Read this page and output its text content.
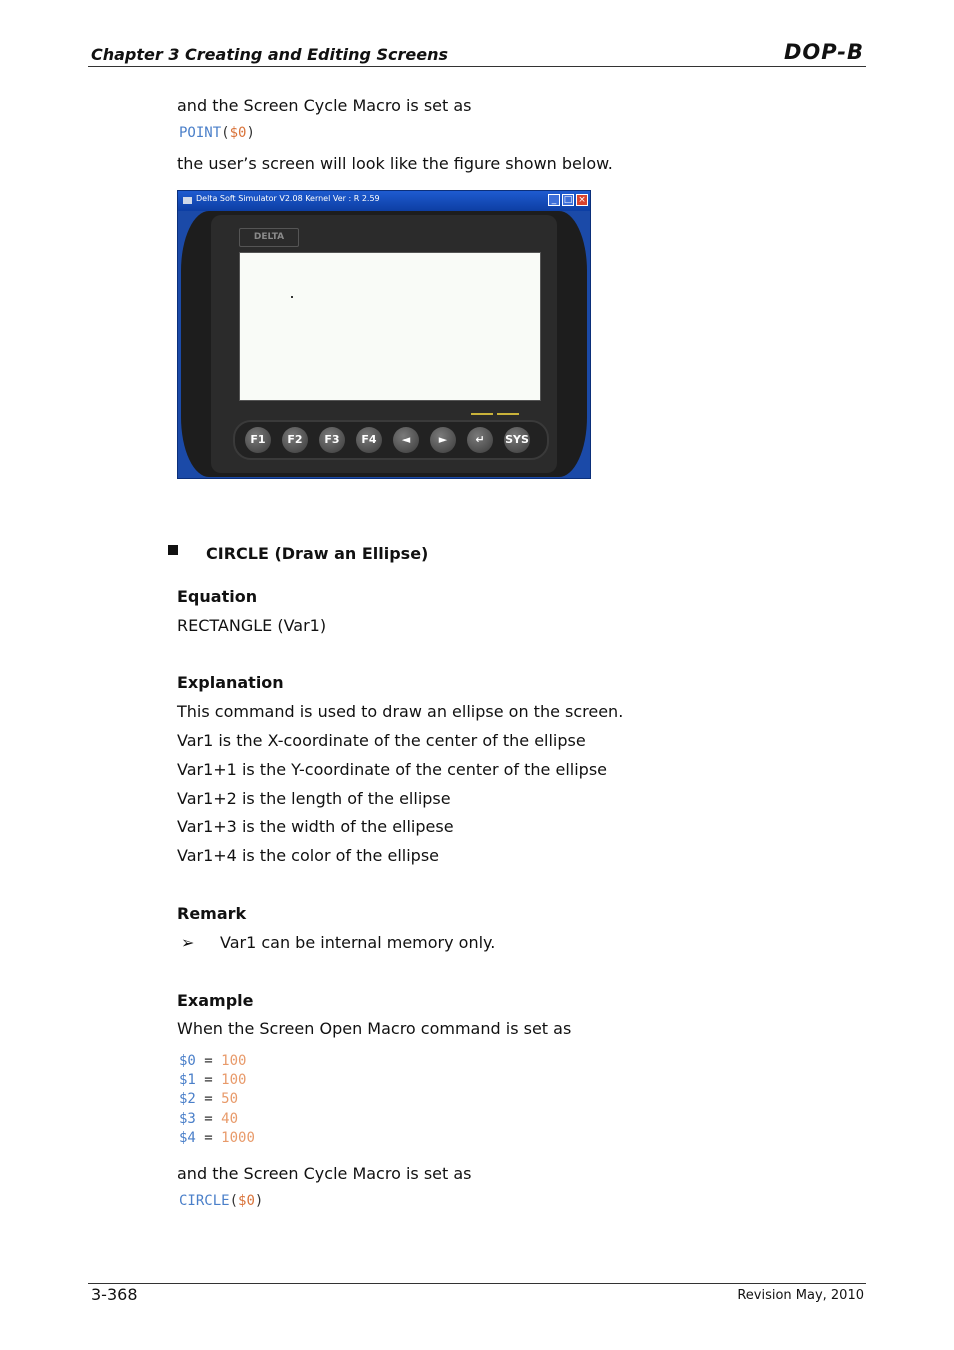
Chapter 3 Creating and Editing Screens	DOP-B
and the Screen Cycle Macro is set as
POINT($0)
the user’s screen will look like the figure shown below.
Delta Soft Simulator V2.08 Kernel Ver : R 2.59	_ □ ×
DELTA
F1	F2	F3	F4	◄	►	↵	SYS
CIRCLE (Draw an Ellipse)
Equation
RECTANGLE (Var1)
Explanation
This command is used to draw an ellipse on the screen.
Var1 is the X-coordinate of the center of the ellipse
Var1+1 is the Y-coordinate of the center of the ellipse
Var1+2 is the length of the ellipse
Var1+3 is the width of the ellipese
Var1+4 is the color of the ellipse
Remark
➢ Var1 can be internal memory only.
Example
When the Screen Open Macro command is set as
$0 = 100
$1 = 100
$2 = 50
$3 = 40
$4 = 1000
and the Screen Cycle Macro is set as
CIRCLE($0)
3-368	Revision May, 2010
